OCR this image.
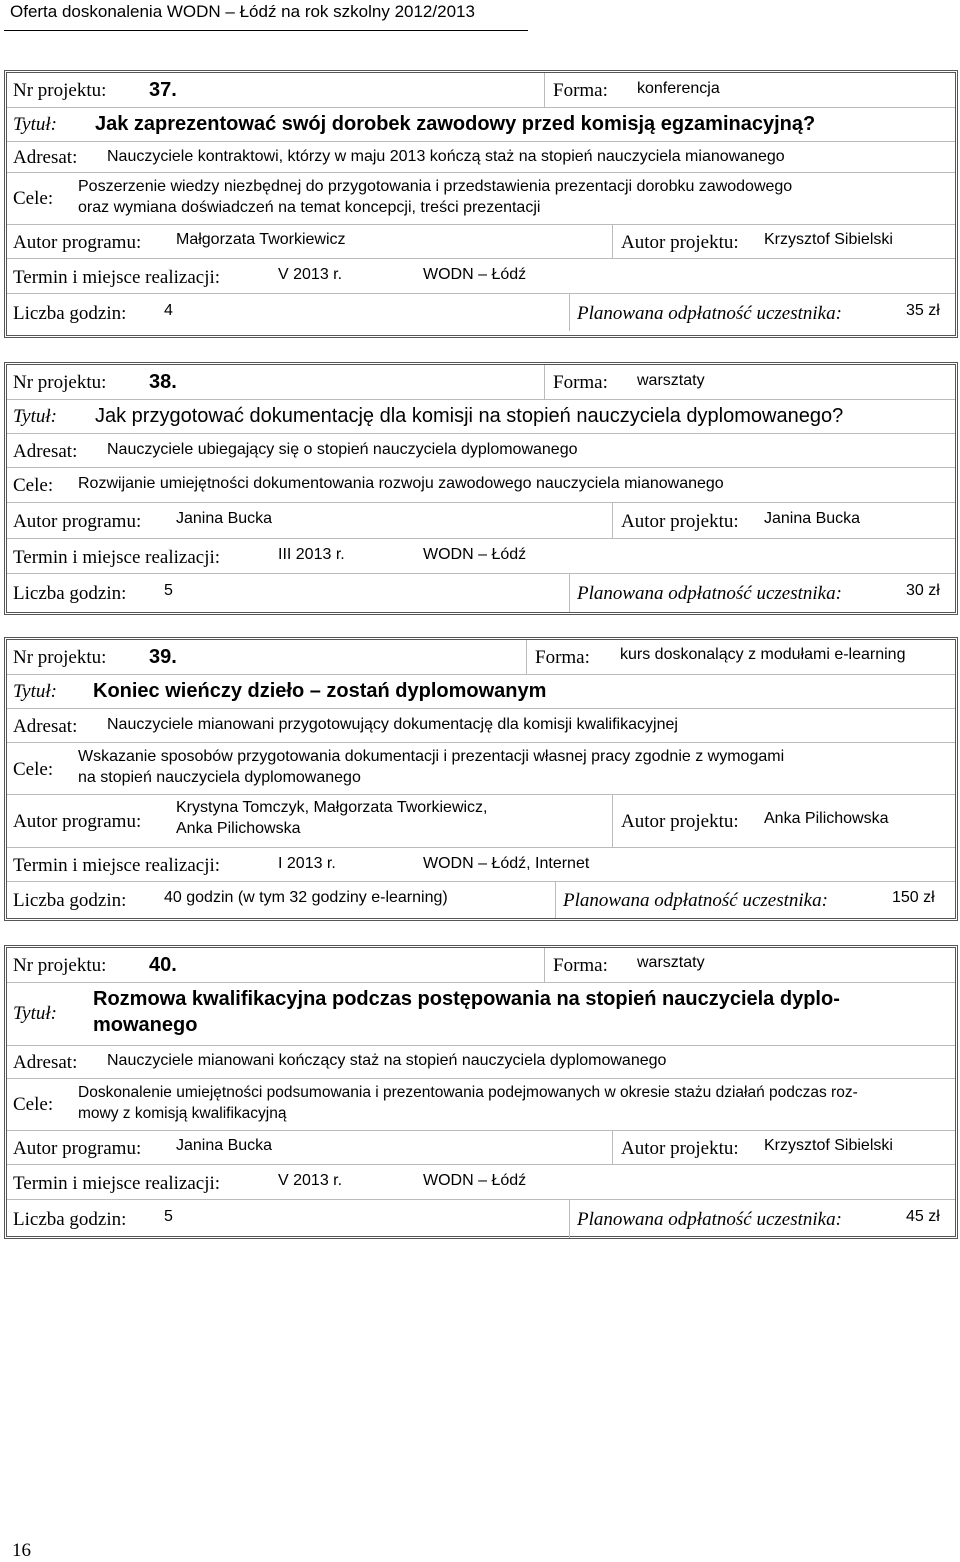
Oferta doskonalenia WODN – Łódź na rok szkolny 2012/2013
Nr projektu: 37.	Forma: konferencja
Tytuł: Jak zaprezentować swój dorobek zawodowy przed komisją egzaminacyjną?
Adresat: Nauczyciele kontraktowi, którzy w maju 2013 kończą staż na stopień nauczyciela mianowanego
Cele:
Poszerzenie wiedzy niezbędnej do przygotowania i przedstawienia prezentacji dorobku zawodowego
oraz wymiana doświadczeń na temat koncepcji, treści prezentacji
Autor programu: Małgorzata Tworkiewicz	Autor projektu: Krzysztof Sibielski
Termin i miejsce realizacji:	V 2013 r.	WODN – Łódź
Liczba godzin: 4	Planowana odpłatność uczestnika:	35 zł
Nr projektu: 38.	Forma: warsztaty
Tytuł: Jak przygotować dokumentację dla komisji na stopień nauczyciela dyplomowanego?
Adresat: Nauczyciele ubiegający się o stopień nauczyciela dyplomowanego
Cele: Rozwijanie umiejętności dokumentowania rozwoju zawodowego nauczyciela mianowanego
Autor programu: Janina Bucka	Autor projektu: Janina Bucka
Termin i miejsce realizacji:	III 2013 r.	WODN – Łódź
Liczba godzin: 5	Planowana odpłatność uczestnika:	30 zł
Nr projektu: 39.	Forma: kurs doskonalący z modułami e-learning
Tytuł: Koniec wieńczy dzieło – zostań dyplomowanym
Adresat: Nauczyciele mianowani przygotowujący dokumentację dla komisji kwalifikacyjnej
Cele:
Wskazanie sposobów przygotowania dokumentacji i prezentacji własnej pracy zgodnie z wymogami
na stopień nauczyciela dyplomowanego
Autor programu:
Krystyna Tomczyk, Małgorzata Tworkiewicz,
Anka Pilichowska	Autor projektu: Anka Pilichowska
Termin i miejsce realizacji:	I 2013 r.	WODN – Łódź, Internet
Liczba godzin: 40 godzin (w tym 32 godziny e-learning)	Planowana odpłatność uczestnika:	150 zł
Nr projektu: 40.	Forma: warsztaty
Tytuł:
Rozmowa kwalifikacyjna podczas postępowania na stopień nauczyciela dyplo-
mowanego
Adresat: Nauczyciele mianowani kończący staż na stopień nauczyciela dyplomowanego
Cele:
Doskonalenie umiejętności podsumowania i prezentowania podejmowanych w okresie stażu działań podczas roz-
mowy z komisją kwalifikacyjną
Autor programu: Janina Bucka	Autor projektu: Krzysztof Sibielski
Termin i miejsce realizacji:	V 2013 r.	WODN – Łódź
Liczba godzin: 5	Planowana odpłatność uczestnika:	45 zł
16
